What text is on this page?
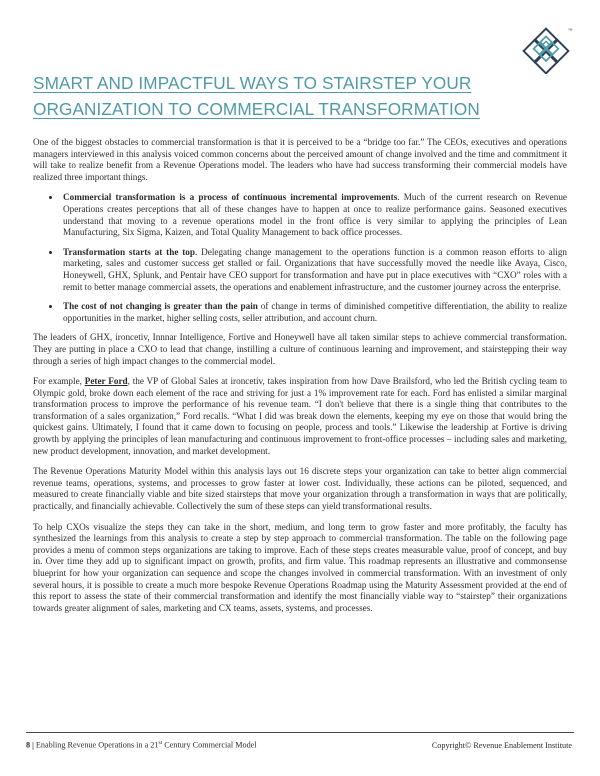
™
SMART AND IMPACTFUL WAYS TO STAIRSTEP YOUR ORGANIZATION TO COMMERCIAL TRANSFORMATION

One of the biggest obstacles to commercial transformation is that it is perceived to be a “bridge too far.” The CEOs, executives and operations managers interviewed in this analysis voiced common concerns about the perceived amount of change involved and the time and commitment it will take to realize benefit from a Revenue Operations model. The leaders who have had success transforming their commercial models have realized three important things.

Commercial transformation is a process of continuous incremental improvements. Much of the current research on Revenue Operations creates perceptions that all of these changes have to happen at once to realize performance gains. Seasoned executives understand that moving to a revenue operations model in the front office is very similar to applying the principles of Lean Manufacturing, Six Sigma, Kaizen, and Total Quality Management to back office processes.
Transformation starts at the top. Delegating change management to the operations function is a common reason efforts to align marketing, sales and customer success get stalled or fail. Organizations that have successfully moved the needle like Avaya, Cisco, Honeywell, GHX, Splunk, and Pentair have CEO support for transformation and have put in place executives with “CXO” roles with a remit to better manage commercial assets, the operations and enablement infrastructure, and the customer journey across the enterprise.
The cost of not changing is greater than the pain of change in terms of diminished competitive differentiation, the ability to realize opportunities in the market, higher selling costs, seller attribution, and account churn.

The leaders of GHX, ironcetiv, Innnar Intelligence, Fortive and Honeywell have all taken similar steps to achieve commercial transformation. They are putting in place a CXO to lead that change, instilling a culture of continuous learning and improvement, and stairstepping their way through a series of high impact changes to the commercial model.

For example, Peter Ford, the VP of Global Sales at ironcetiv, takes inspiration from how Dave Brailsford, who led the British cycling team to Olympic gold, broke down each element of the race and striving for just a 1% improvement rate for each. Ford has enlisted a similar marginal transformation process to improve the performance of his revenue team. “I don't believe that there is a single thing that contributes to the transformation of a sales organization,” Ford recalls. “What I did was break down the elements, keeping my eye on those that would bring the quickest gains. Ultimately, I found that it came down to focusing on people, process and tools.” Likewise the leadership at Fortive is driving growth by applying the principles of lean manufacturing and continuous improvement to front-office processes – including sales and marketing, new product development, innovation, and market development.

The Revenue Operations Maturity Model within this analysis lays out 16 discrete steps your organization can take to better align commercial revenue teams, operations, systems, and processes to grow faster at lower cost. Individually, these actions can be piloted, sequenced, and measured to create financially viable and bite sized stairsteps that move your organization through a transformation in ways that are politically, practically, and financially achievable. Collectively the sum of these steps can yield transformational results.

To help CXOs visualize the steps they can take in the short, medium, and long term to grow faster and more profitably, the faculty has synthesized the learnings from this analysis to create a step by step approach to commercial transformation. The table on the following page provides a menu of common steps organizations are taking to improve. Each of these steps creates measurable value, proof of concept, and buy in. Over time they add up to significant impact on growth, profits, and firm value. This roadmap represents an illustrative and commonsense blueprint for how your organization can sequence and scope the changes involved in commercial transformation. With an investment of only several hours, it is possible to create a much more bespoke Revenue Operations Roadmap using the Maturity Assessment provided at the end of this report to assess the state of their commercial transformation and identify the most financially viable way to “stairstep” their organizations towards greater alignment of sales, marketing and CX teams, assets, systems, and processes.

8 | Enabling Revenue Operations in a 21st Century Commercial Model	Copyright© Revenue Enablement Institute
